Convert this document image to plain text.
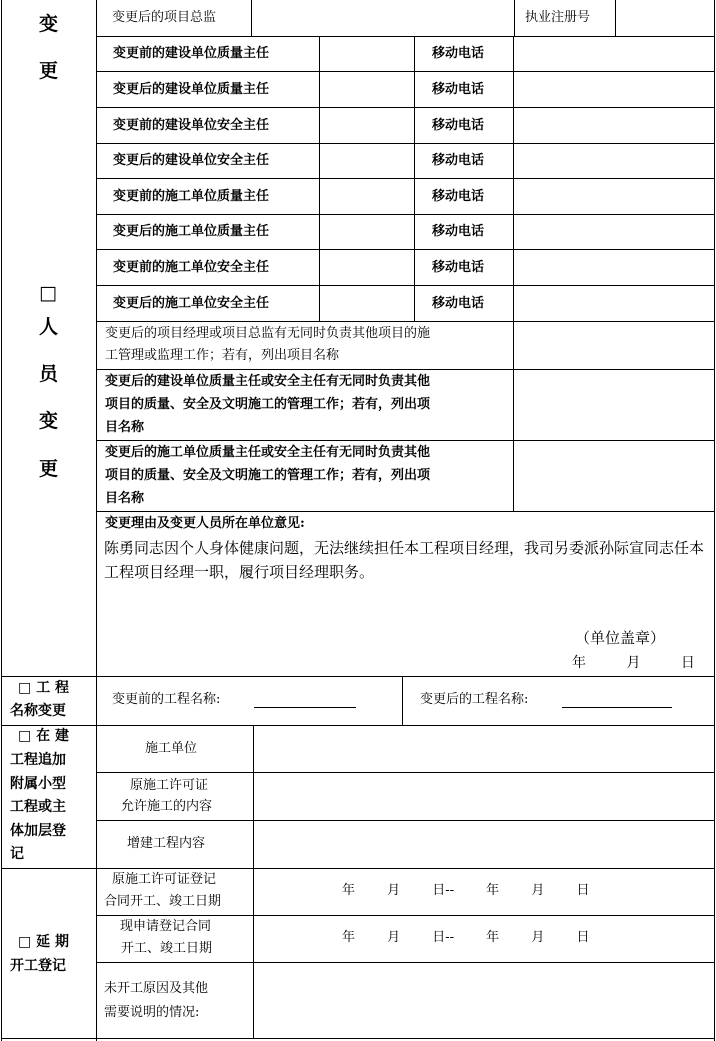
变
更
□
人
员
变
更
□ 工 程
名称变更
□ 在 建
工程追加
附属小型
工程或主
体加层登
记
□ 延 期
开工登记
变更后的项目总监	执业注册号
变更前的建设单位质量主任
变更后的建设单位质量主任
变更前的建设单位安全主任
变更后的建设单位安全主任
变更前的施工单位质量主任
变更后的施工单位质量主任
变更前的施工单位安全主任
变更后的施工单位安全主任
移动电话
移动电话
移动电话
移动电话
移动电话
移动电话
移动电话
移动电话
变更后的项目经理或项目总监有无同时负责其他项目的施
工管理或监理工作；若有，列出项目名称
变更后的建设单位质量主任或安全主任有无同时负责其他
项目的质量、安全及文明施工的管理工作；若有，列出项
目名称
变更后的施工单位质量主任或安全主任有无同时负责其他
项目的质量、安全及文明施工的管理工作；若有，列出项
目名称
变更理由及变更人员所在单位意见:
陈勇同志因个人身体健康问题，无法继续担任本工程项目经理，我司另委派孙际宣同志任本工程项目经理一职，履行项目经理职务。
（单位盖章）
年 月 日
变更前的工程名称:	变更后的工程名称:
施工单位
原施工许可证
允许施工的内容
增建工程内容
原施工许可证登记
合同开工、竣工日期
年 月 日-- 年 月 日
现申请登记合同
开工、竣工日期
年 月 日-- 年 月 日
未开工原因及其他
需要说明的情况:
